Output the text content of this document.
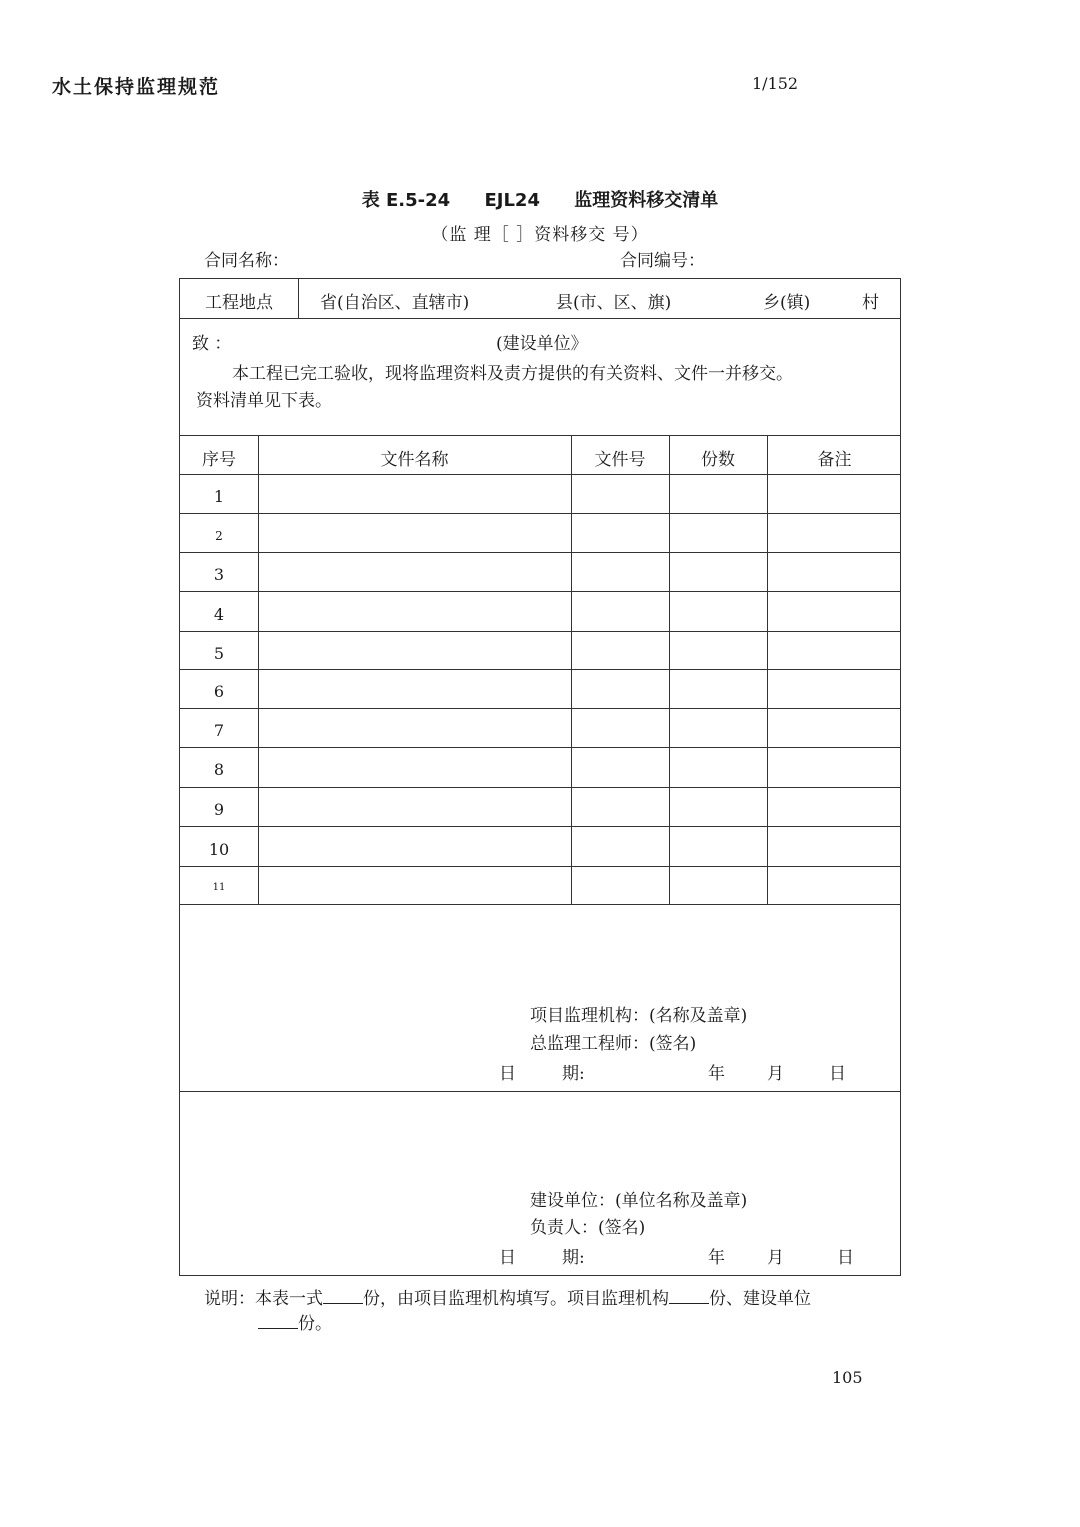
水土保持监理规范	1/152
表 E.5-24 EJL24 监理资料移交清单
（监 理［ ］资料移交 号）
合同名称：	合同编号：
工程地点	省(自治区、直辖市)	县(市、区、旗)	乡(镇)	村
致 ：	(建设单位》
本工程已完工验收，现将监理资料及责方提供的有关资料、文件一并移交。
资料清单见下表。
序号	文件名称	文件号	份数	备注
1
2
3
4
5
6
7
8
9
10
11
项目监理机构：(名称及盖章)
总监理工程师：(签名)
日	期:	年 月	日
建设单位：(单位名称及盖章)
负责人：(签名)
日	期:	年 月	日
说明：本表一式 份，由项目监理机构填写。项目监理机构 份、建设单位
份。
105
